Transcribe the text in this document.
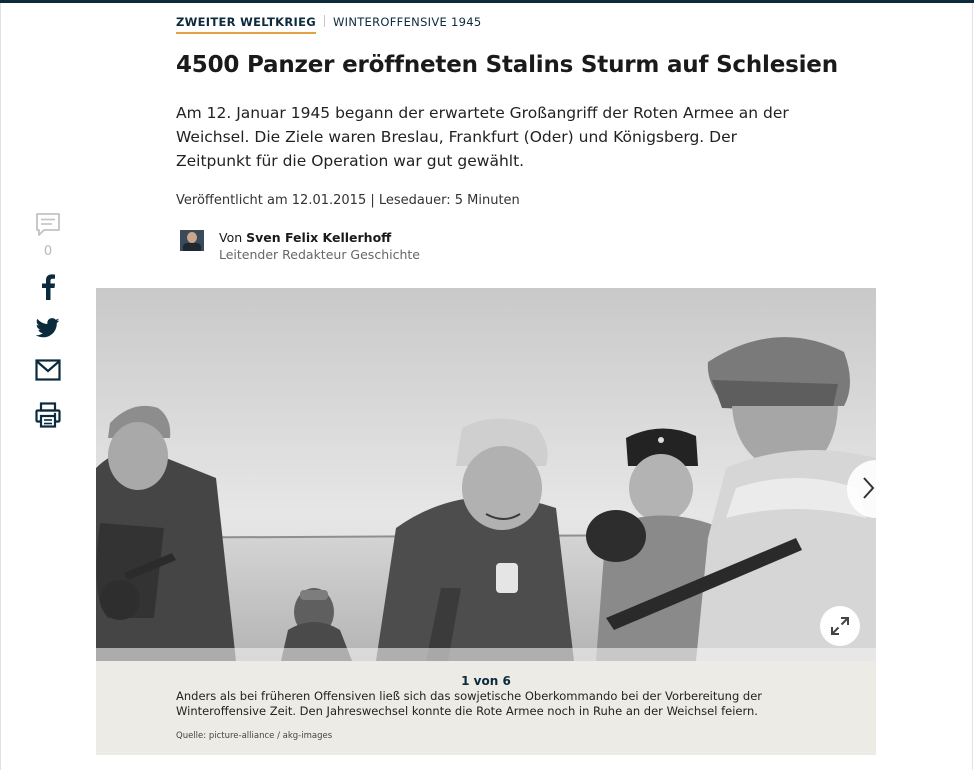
ZWEITER WELTKRIEG WINTEROFFENSIVE 1945
4500 Panzer eröffneten Stalins Sturm auf Schlesien

Am 12. Januar 1945 begann der erwartete Großangriff der Roten Armee an der Weichsel. Die Ziele waren Breslau, Frankfurt (Oder) und Königsberg. Der Zeitpunkt für die Operation war gut gewählt.

Veröffentlicht am 12.01.2015 | Lesedauer: 5 Minuten
Von Sven Felix Kellerhoff
Leitender Redakteur Geschichte
0
1 von 6

Anders als bei früheren Offensiven ließ sich das sowjetische Oberkommando bei der Vorbereitung der Winteroffensive Zeit. Den Jahreswechsel konnte die Rote Armee noch in Ruhe an der Weichsel feiern.

Quelle: picture-alliance / akg-images
